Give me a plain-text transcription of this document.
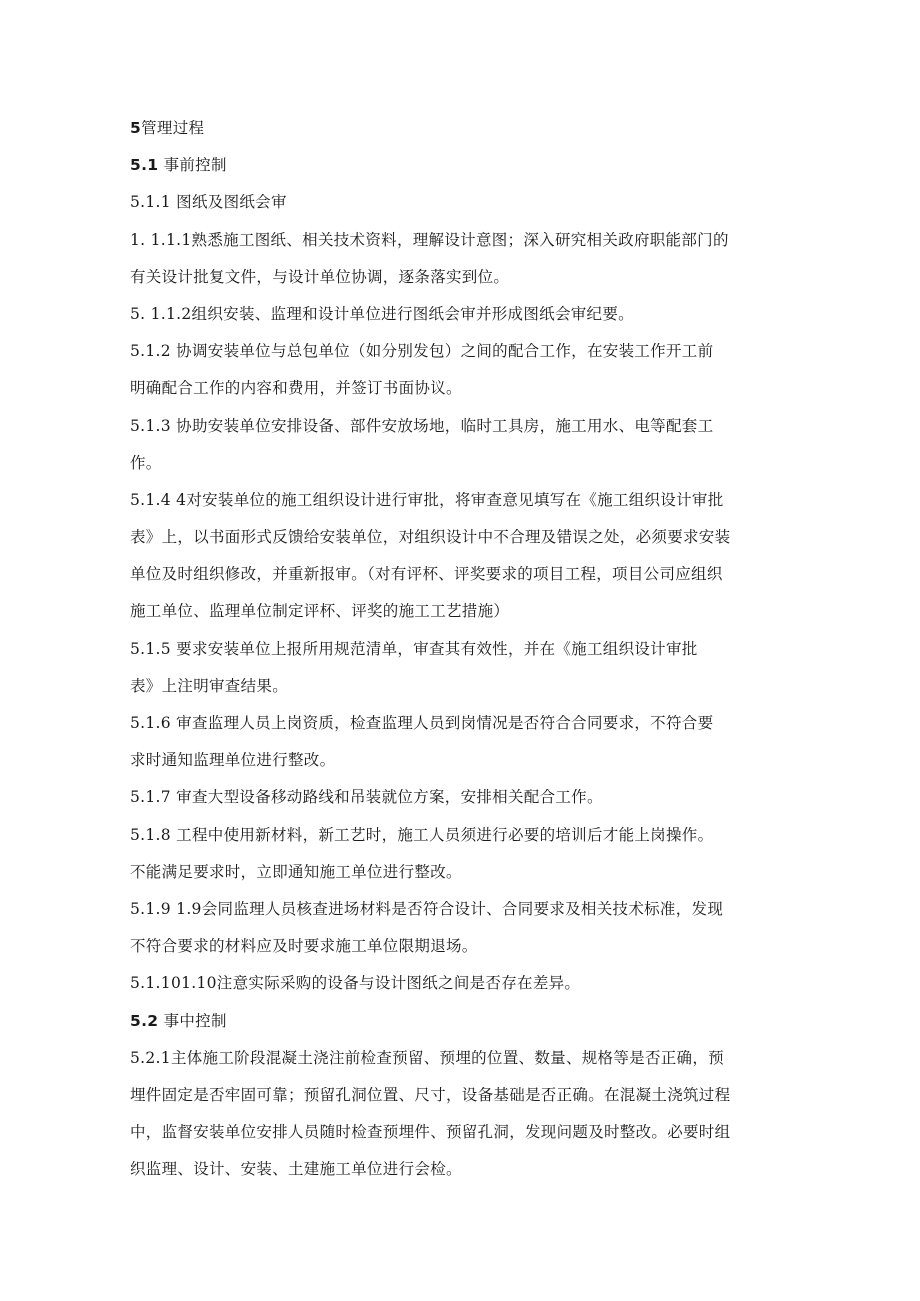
5管理过程
5.1 事前控制
5.1.1 图纸及图纸会审
1. 1.1.1熟悉施工图纸、相关技术资料，理解设计意图；深入研究相关政府职能部门的
有关设计批复文件，与设计单位协调，逐条落实到位。
5. 1.1.2组织安装、监理和设计单位进行图纸会审并形成图纸会审纪要。
5.1.2 协调安装单位与总包单位（如分别发包）之间的配合工作，在安装工作开工前
明确配合工作的内容和费用，并签订书面协议。
5.1.3 协助安装单位安排设备、部件安放场地，临时工具房，施工用水、电等配套工
作。
5.1.4 4对安装单位的施工组织设计进行审批，将审查意见填写在《施工组织设计审批
表》上，以书面形式反馈给安装单位，对组织设计中不合理及错误之处，必须要求安装
单位及时组织修改，并重新报审。（对有评杯、评奖要求的项目工程，项目公司应组织
施工单位、监理单位制定评杯、评奖的施工工艺措施）
5.1.5 要求安装单位上报所用规范清单，审查其有效性，并在《施工组织设计审批
表》上注明审查结果。
5.1.6 审查监理人员上岗资质，检查监理人员到岗情况是否符合合同要求，不符合要
求时通知监理单位进行整改。
5.1.7 审查大型设备移动路线和吊装就位方案，安排相关配合工作。
5.1.8 工程中使用新材料，新工艺时，施工人员须进行必要的培训后才能上岗操作。
不能满足要求时，立即通知施工单位进行整改。
5.1.9 1.9会同监理人员核查进场材料是否符合设计、合同要求及相关技术标准，发现
不符合要求的材料应及时要求施工单位限期退场。
5.1.101.10注意实际采购的设备与设计图纸之间是否存在差异。
5.2 事中控制
5.2.1主体施工阶段混凝土浇注前检查预留、预埋的位置、数量、规格等是否正确，预
埋件固定是否牢固可靠；预留孔洞位置、尺寸，设备基础是否正确。在混凝土浇筑过程
中，监督安装单位安排人员随时检查预埋件、预留孔洞，发现问题及时整改。必要时组
织监理、设计、安装、土建施工单位进行会检。
